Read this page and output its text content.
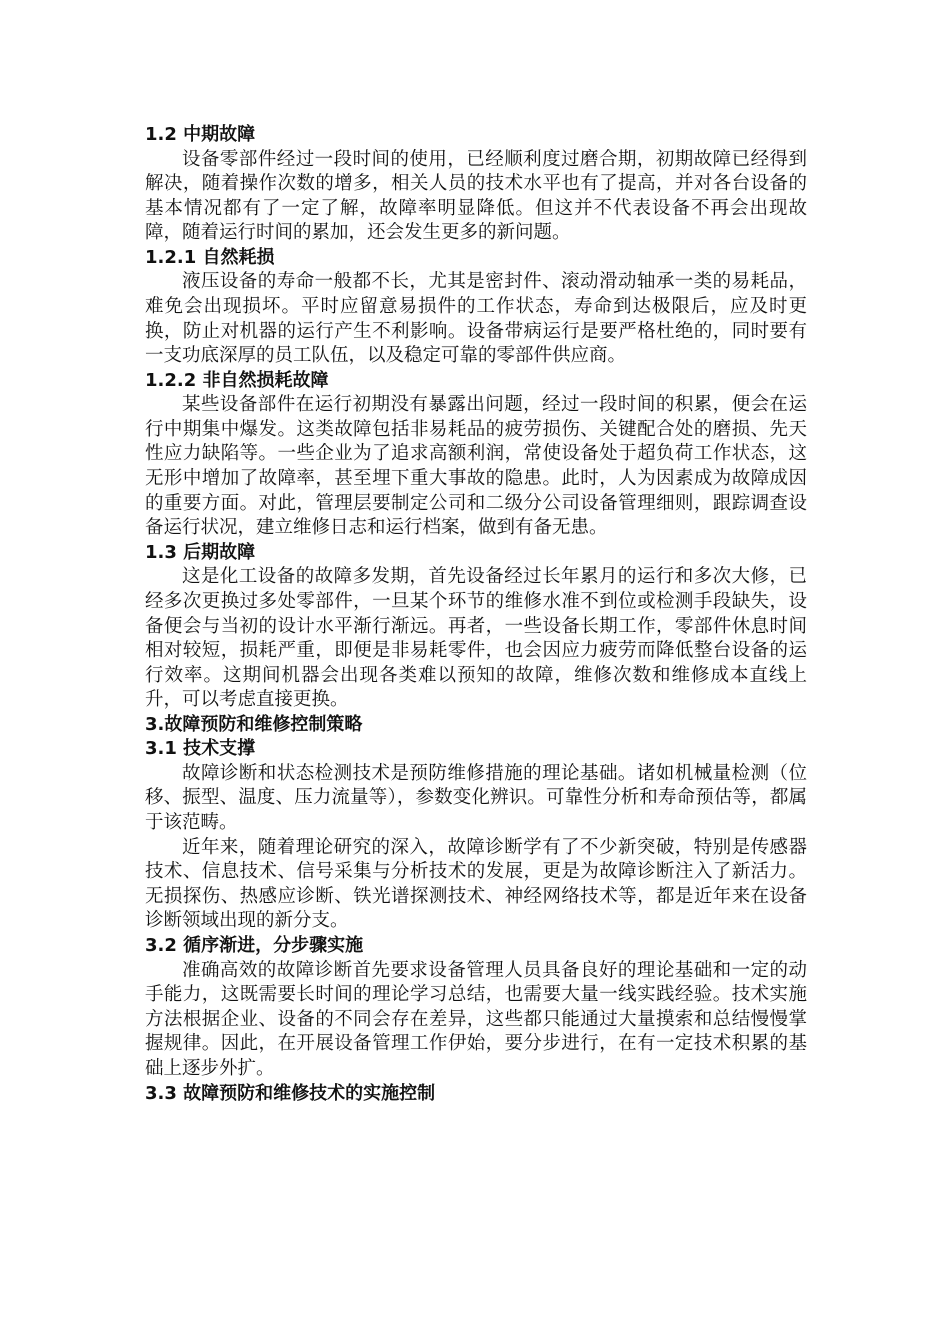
1.2 中期故障

设备零部件经过一段时间的使用，已经顺利度过磨合期，初期故障已经得到解决，随着操作次数的增多，相关人员的技术水平也有了提高，并对各台设备的基本情况都有了一定了解，故障率明显降低。但这并不代表设备不再会出现故障，随着运行时间的累加，还会发生更多的新问题。

1.2.1 自然耗损

液压设备的寿命一般都不长，尤其是密封件、滚动滑动轴承一类的易耗品，难免会出现损坏。平时应留意易损件的工作状态，寿命到达极限后，应及时更换，防止对机器的运行产生不利影响。设备带病运行是要严格杜绝的，同时要有一支功底深厚的员工队伍，以及稳定可靠的零部件供应商。

1.2.2 非自然损耗故障

某些设备部件在运行初期没有暴露出问题，经过一段时间的积累，便会在运行中期集中爆发。这类故障包括非易耗品的疲劳损伤、关键配合处的磨损、先天性应力缺陷等。一些企业为了追求高额利润，常使设备处于超负荷工作状态，这无形中增加了故障率，甚至埋下重大事故的隐患。此时，人为因素成为故障成因的重要方面。对此，管理层要制定公司和二级分公司设备管理细则，跟踪调查设备运行状况，建立维修日志和运行档案，做到有备无患。

1.3 后期故障

这是化工设备的故障多发期，首先设备经过长年累月的运行和多次大修，已经多次更换过多处零部件，一旦某个环节的维修水准不到位或检测手段缺失，设备便会与当初的设计水平渐行渐远。再者，一些设备长期工作，零部件休息时间相对较短，损耗严重，即便是非易耗零件，也会因应力疲劳而降低整台设备的运行效率。这期间机器会出现各类难以预知的故障，维修次数和维修成本直线上升，可以考虑直接更换。

3.故障预防和维修控制策略
3.1 技术支撑

故障诊断和状态检测技术是预防维修措施的理论基础。诸如机械量检测（位移、振型、温度、压力流量等），参数变化辨识。可靠性分析和寿命预估等，都属于该范畴。

近年来，随着理论研究的深入，故障诊断学有了不少新突破，特别是传感器技术、信息技术、信号采集与分析技术的发展，更是为故障诊断注入了新活力。无损探伤、热感应诊断、铁光谱探测技术、神经网络技术等，都是近年来在设备诊断领域出现的新分支。

3.2 循序渐进，分步骤实施

准确高效的故障诊断首先要求设备管理人员具备良好的理论基础和一定的动手能力，这既需要长时间的理论学习总结，也需要大量一线实践经验。技术实施方法根据企业、设备的不同会存在差异，这些都只能通过大量摸索和总结慢慢掌握规律。因此，在开展设备管理工作伊始，要分步进行，在有一定技术积累的基础上逐步外扩。

3.3 故障预防和维修技术的实施控制
